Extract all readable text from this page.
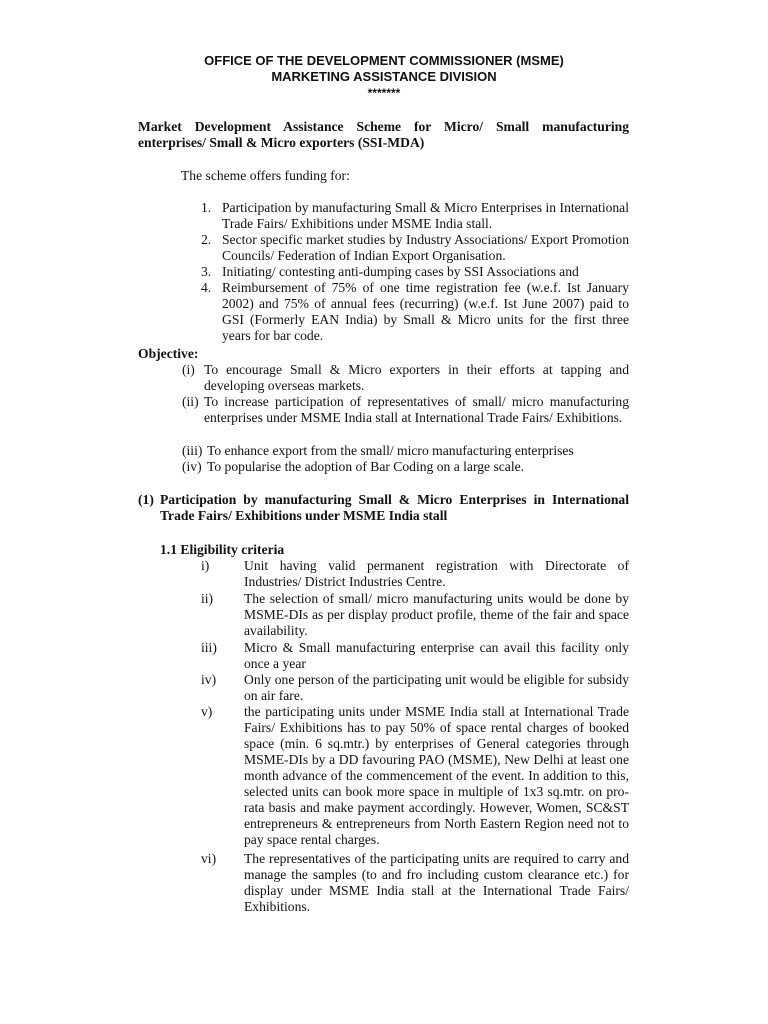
OFFICE OF THE DEVELOPMENT COMMISSIONER (MSME)
MARKETING ASSISTANCE DIVISION
*******
Market Development Assistance Scheme for Micro/ Small manufacturing enterprises/ Small & Micro exporters (SSI-MDA)
The scheme offers funding for:
1. Participation by manufacturing Small & Micro Enterprises in International Trade Fairs/ Exhibitions under MSME India stall.
2. Sector specific market studies by Industry Associations/ Export Promotion Councils/ Federation of Indian Export Organisation.
3. Initiating/ contesting anti-dumping cases by SSI Associations and
4. Reimbursement of 75% of one time registration fee (w.e.f. Ist January 2002) and 75% of annual fees (recurring) (w.e.f. Ist June 2007) paid to GSI (Formerly EAN India) by Small & Micro units for the first three years for bar code.
Objective:
(i) To encourage Small & Micro exporters in their efforts at tapping and developing overseas markets.
(ii) To increase participation of representatives of small/ micro manufacturing enterprises under MSME India stall at International Trade Fairs/ Exhibitions.
(iii) To enhance export from the small/ micro manufacturing enterprises
(iv) To popularise the adoption of Bar Coding on a large scale.
(1) Participation by manufacturing Small & Micro Enterprises in International Trade Fairs/ Exhibitions under MSME India stall
1.1 Eligibility criteria
i)	Unit having valid permanent registration with Directorate of Industries/ District Industries Centre.
ii) The selection of small/ micro manufacturing units would be done by MSME-DIs as per display product profile, theme of the fair and space availability.
iii) Micro & Small manufacturing enterprise can avail this facility only once a year
iv) Only one person of the participating unit would be eligible for subsidy on air fare.
v) the participating units under MSME India stall at International Trade Fairs/ Exhibitions has to pay 50% of space rental charges of booked space (min. 6 sq.mtr.) by enterprises of General categories through MSME-DIs by a DD favouring PAO (MSME), New Delhi at least one month advance of the commencement of the event. In addition to this, selected units can book more space in multiple of 1x3 sq.mtr. on pro-rata basis and make payment accordingly. However, Women, SC&ST entrepreneurs & entrepreneurs from North Eastern Region need not to pay space rental charges.
vi) The representatives of the participating units are required to carry and manage the samples (to and fro including custom clearance etc.) for display under MSME India stall at the International Trade Fairs/ Exhibitions.
